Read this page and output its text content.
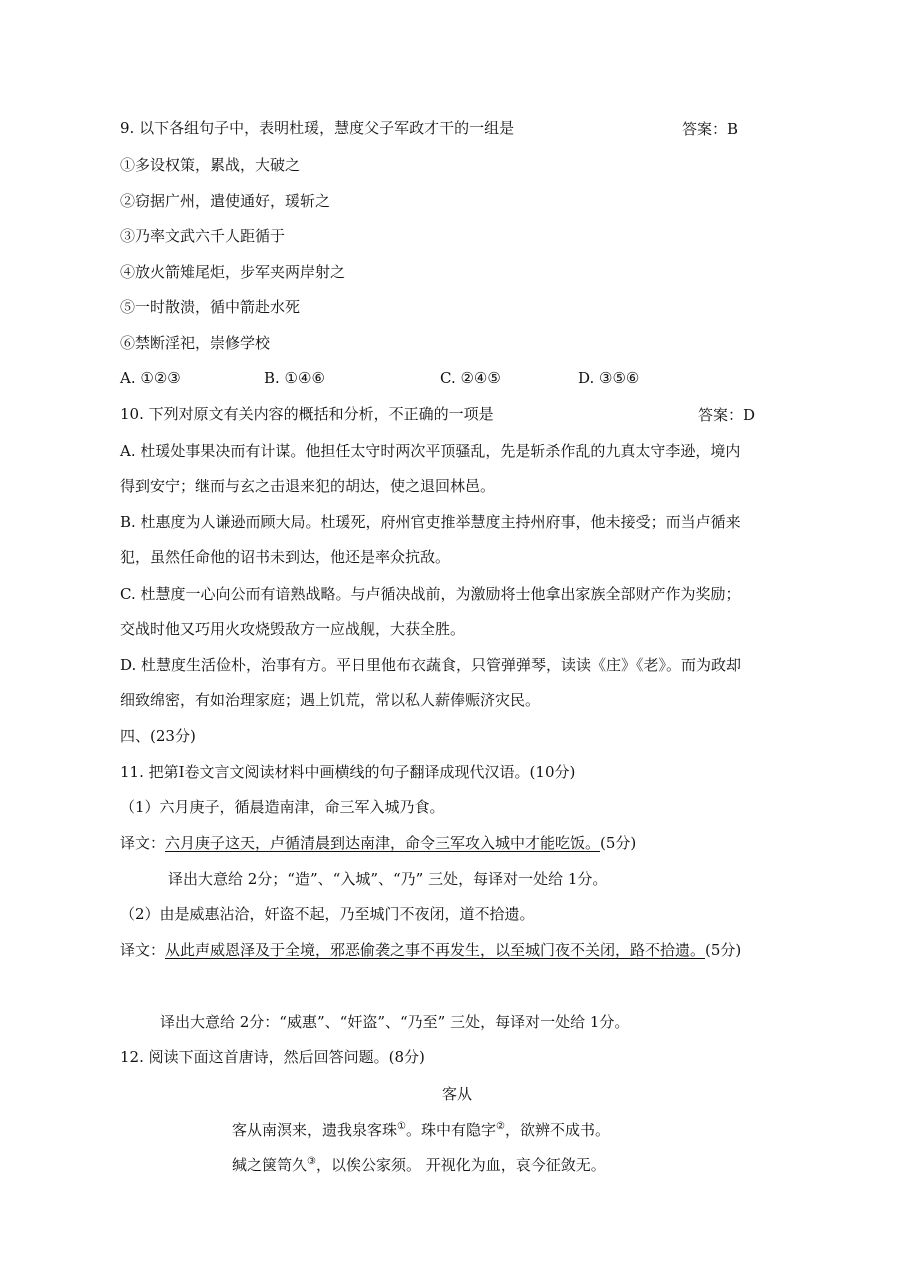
9. 以下各组句子中，表明杜瑗，慧度父子军政才干的一组是	答案：B
①多设权策，累战，大破之
②窃据广州，遣使通好，瑗斩之
③乃率文武六千人距循于
④放火箭雉尾炬，步军夹两岸射之
⑤一时散溃，循中箭赴水死
⑥禁断淫祀，崇修学校
A. ①②③	B. ①④⑥	C. ②④⑤	D. ③⑤⑥
10. 下列对原文有关内容的概括和分析，不正确的一项是	答案：D
A. 杜瑗处事果决而有计谋。他担任太守时两次平顶骚乱，先是斩杀作乱的九真太守李逊，境内
得到安宁；继而与玄之击退来犯的胡达，使之退回林邑。
B. 杜惠度为人谦逊而顾大局。杜瑗死，府州官吏推举慧度主持州府事，他未接受；而当卢循来
犯，虽然任命他的诏书未到达，他还是率众抗敌。
C. 杜慧度一心向公而有谙熟战略。与卢循决战前，为激励将士他拿出家族全部财产作为奖励；
交战时他又巧用火攻烧毁敌方一应战舰，大获全胜。
D. 杜慧度生活俭朴，治事有方。平日里他布衣蔬食，只管弹弹琴，读读《庄》《老》。而为政却
细致绵密，有如治理家庭；遇上饥荒，常以私人薪俸赈济灾民。
四、(23分)
11. 把第Ⅰ卷文言文阅读材料中画横线的句子翻译成现代汉语。(10分)
（1）六月庚子，循晨造南津，命三军入城乃食。
译文：六月庚子这天，卢循清晨到达南津，命令三军攻入城中才能吃饭。(5分)
译出大意给 2分；“造”、“入城”、“乃” 三处，每译对一处给 1分。
（2）由是威惠沾洽，奸盗不起，乃至城门不夜闭，道不拾遗。
译文：从此声威恩泽及于全境，邪恶偷袭之事不再发生，以至城门夜不关闭，路不拾遗。(5分)
译出大意给 2分：“威惠”、“奸盗”、“乃至” 三处，每译对一处给 1分。
12. 阅读下面这首唐诗，然后回答问题。(8分)
客从
客从南溟来，遗我泉客珠①。珠中有隐字②，欲辨不成书。
缄之箧笥久③，以俟公家须。 开视化为血，哀今征敛无。
